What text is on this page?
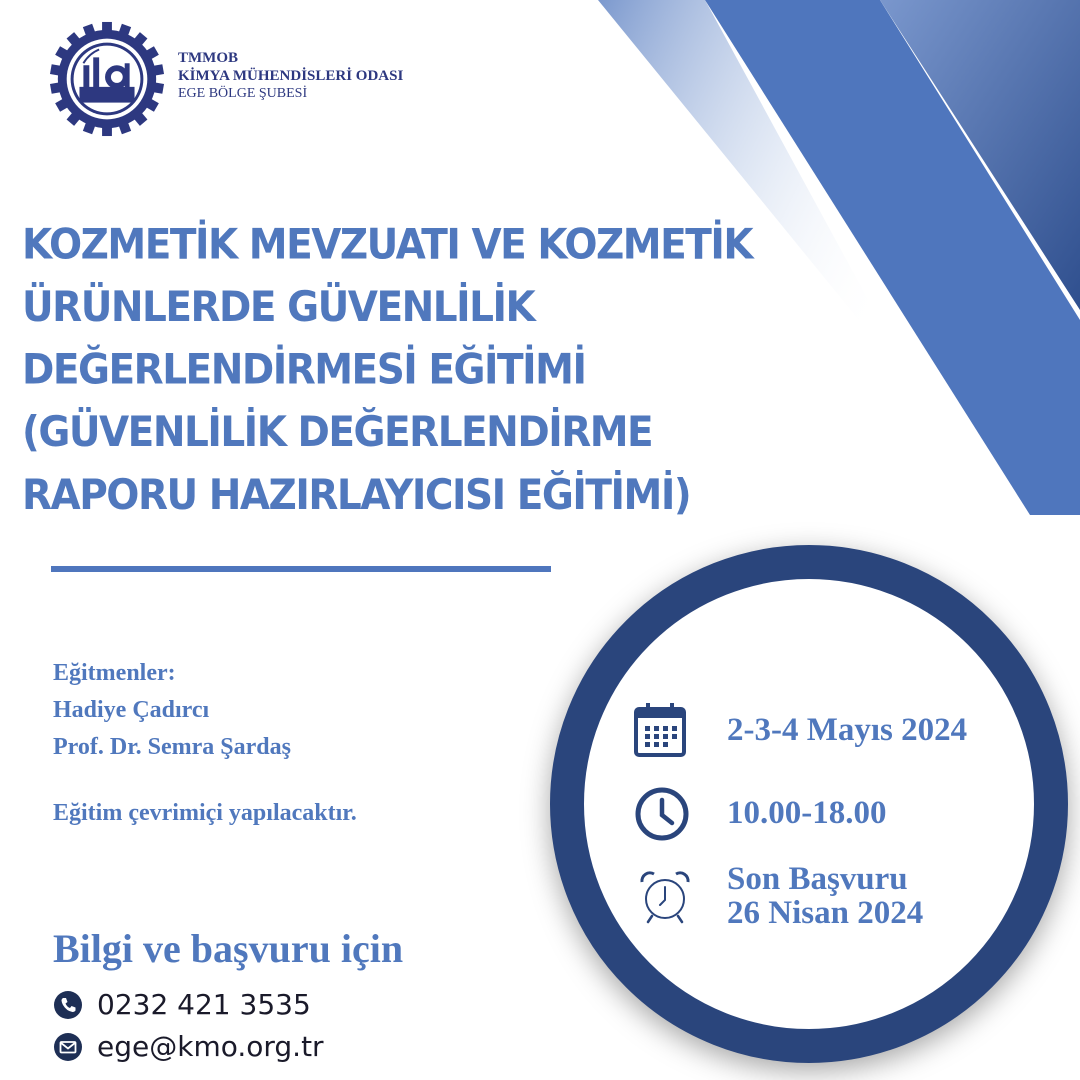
TMMOB
KİMYA MÜHENDİSLERİ ODASI
EGE BÖLGE ŞUBESİ
KOZMETİK MEVZUATI VE KOZMETİK
ÜRÜNLERDE GÜVENLİLİK
DEĞERLENDİRMESİ EĞİTİMİ
(GÜVENLİLİK DEĞERLENDİRME
RAPORU HAZIRLAYICISI EĞİTİMİ)
Eğitmenler:
Hadiye Çadırcı
Prof. Dr. Semra Şardaş
Eğitim çevrimiçi yapılacaktır.
Bilgi ve başvuru için
0232 421 3535
ege@kmo.org.tr
2-3-4 Mayıs 2024
10.00-18.00
Son Başvuru
26 Nisan 2024
